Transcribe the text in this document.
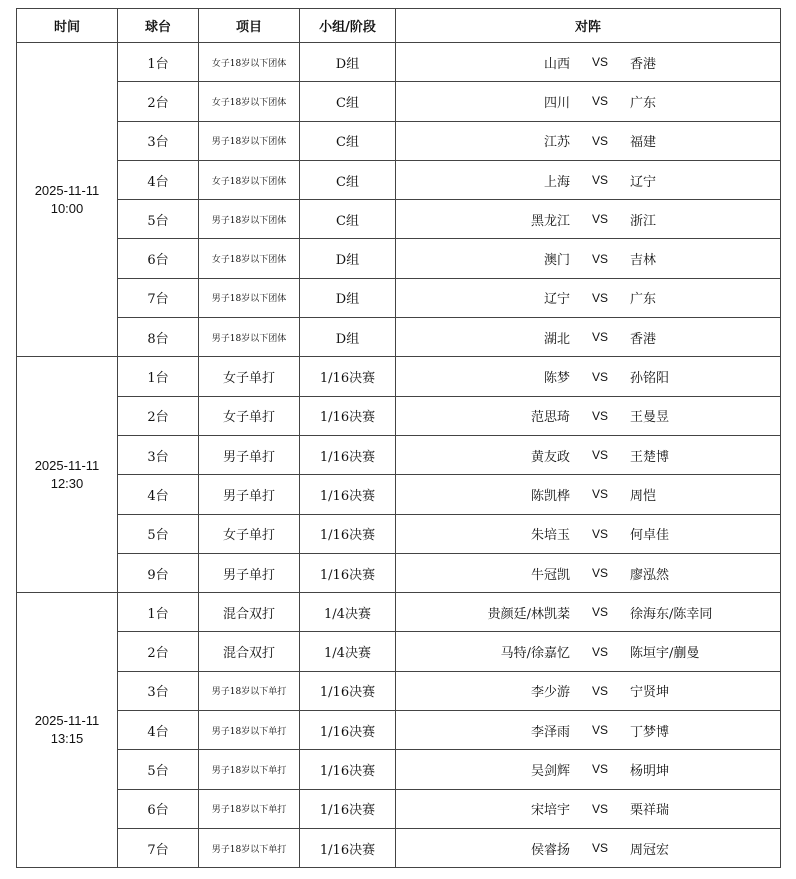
时间	球台	项目	小组/阶段	对阵

2025-11-11
10:00	1台	女子18岁以下团体	D组	山西 VS 香港

	2台	女子18岁以下团体	C组	四川 VS 广东

	3台	男子18岁以下团体	C组	江苏 VS 福建

	4台	女子18岁以下团体	C组	上海 VS 辽宁

	5台	男子18岁以下团体	C组	黑龙江 VS 浙江

	6台	女子18岁以下团体	D组	澳门 VS 吉林

	7台	男子18岁以下团体	D组	辽宁 VS 广东

	8台	男子18岁以下团体	D组	湖北 VS 香港

2025-11-11
12:30	1台	女子单打	1/16决赛	陈梦 VS 孙铭阳

	2台	女子单打	1/16决赛	范思琦 VS 王曼昱

	3台	男子单打	1/16决赛	黄友政 VS 王楚博

	4台	男子单打	1/16决赛	陈凯桦 VS 周恺

	5台	女子单打	1/16决赛	朱培玉 VS 何卓佳

	9台	男子单打	1/16决赛	牛冠凯 VS 廖泓然

2025-11-11
13:15	1台	混合双打	1/4决赛	贵颜廷/林凯棻 VS 徐海东/陈幸同

	2台	混合双打	1/4决赛	马特/徐嘉忆 VS 陈垣宇/蒯曼

	3台	男子18岁以下单打	1/16决赛	李少游 VS 宁贤坤

	4台	男子18岁以下单打	1/16决赛	李泽雨 VS 丁梦博

	5台	男子18岁以下单打	1/16决赛	吴剑辉 VS 杨明坤

	6台	男子18岁以下单打	1/16决赛	宋培宇 VS 栗祥瑞

	7台	男子18岁以下单打	1/16决赛	侯睿扬 VS 周冠宏
